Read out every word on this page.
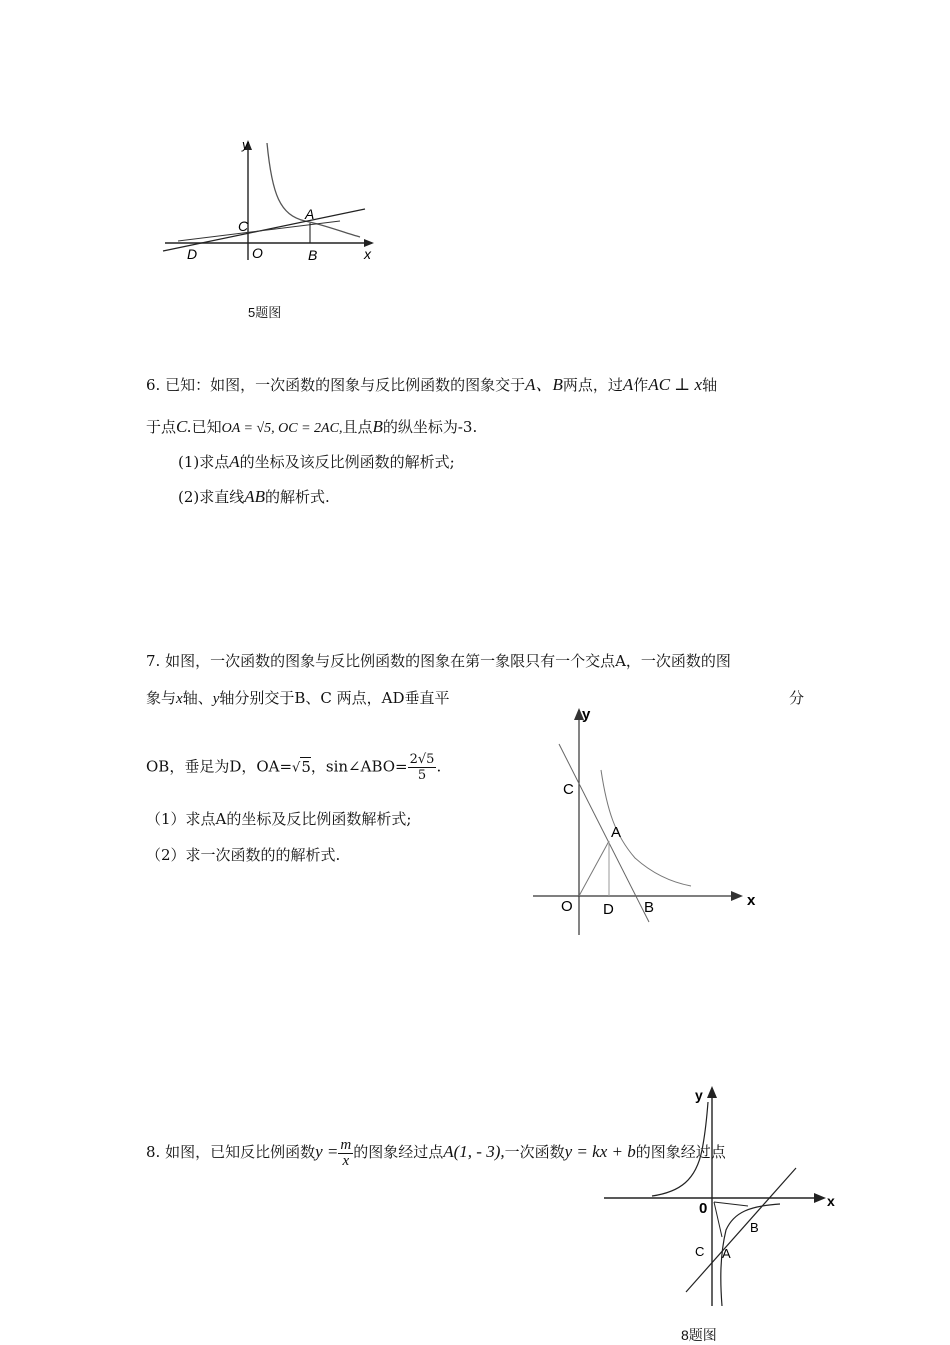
y
x
C
A
D	O	B
5题图
6. 已知：如图，一次函数的图象与反比例函数的图象交于A、B两点，过A作AC ⊥ x轴
于点C.已知OA = √5, OC = 2AC,且点B的纵坐标为-3.
(1)求点A的坐标及该反比例函数的解析式;
(2)求直线AB的解析式.
7. 如图，一次函数的图象与反比例函数的图象在第一象限只有一个交点A，一次函数的图
象与x轴、y轴分别交于B、C 两点，AD垂直平	分
OB，垂足为D，OA=√5，sin∠ABO= $\frac{2√5}{5}$ .
（1）求点A的坐标及反比例函数解析式;
（2）求一次函数的的解析式.
y
x
C
A
O D B
8. 如图，已知反比例函数$y = \frac{m}{x}$ 的图象经过点A(1, - 3),一次函数y = kx + b的图象经过点
y
x
0
B
C A
8题图
